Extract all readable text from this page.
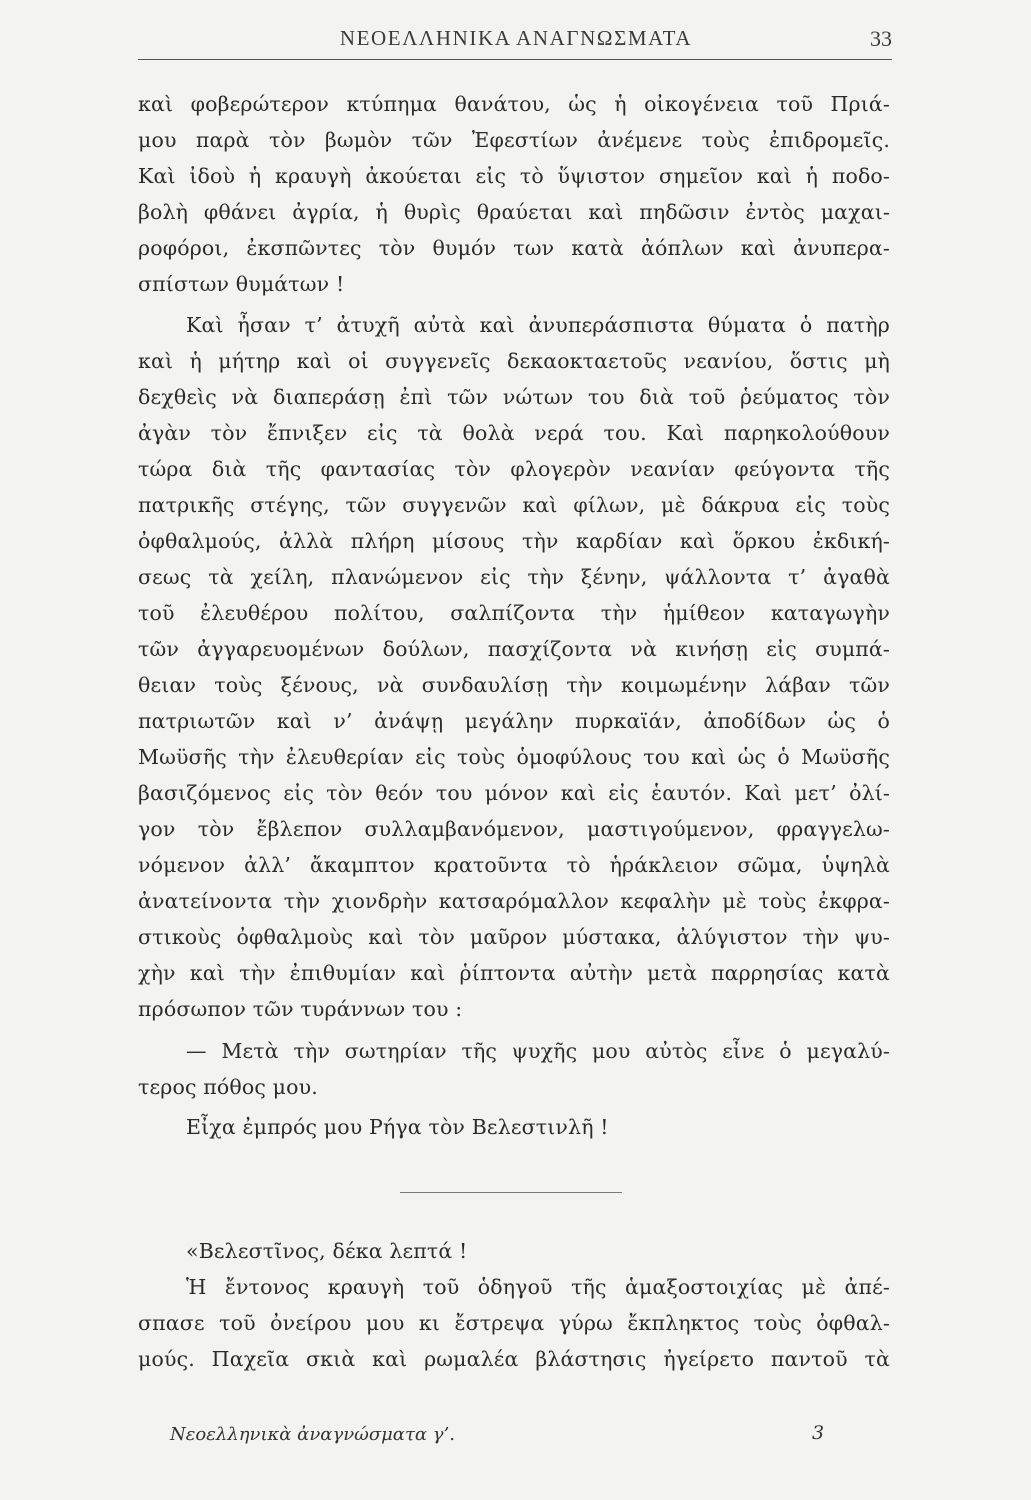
ΝΕΟΕΛΛΗΝΙΚΑ ΑΝΑΓΝΩΣΜΑΤΑ	33
καὶ φοβερώτερον κτύπημα θανάτου, ὡς ἡ οἰκογένεια τοῦ Πριά-
μου παρὰ τὸν βωμὸν τῶν Ἐφεστίων ἀνέμενε τοὺς ἐπιδρομεῖς.
Καὶ ἰδοὺ ἡ κραυγὴ ἀκούεται εἰς τὸ ὕψιστον σημεῖον καὶ ἡ ποδο-
βολὴ φθάνει ἀγρία, ἡ θυρὶς θραύεται καὶ πηδῶσιν ἐντὸς μαχαι-
ροφόροι, ἐκσπῶντες τὸν θυμόν των κατὰ ἀόπλων καὶ ἀνυπερα-
σπίστων θυμάτων !
Καὶ ἦσαν τ’ ἀτυχῆ αὐτὰ καὶ ἀνυπεράσπιστα θύματα ὁ πατὴρ
καὶ ἡ μήτηρ καὶ οἱ συγγενεῖς δεκαοκταετοῦς νεανίου, ὅστις μὴ
δεχθεὶς νὰ διαπεράσῃ ἐπὶ τῶν νώτων του διὰ τοῦ ῥεύματος τὸν
ἀγὰν τὸν ἔπνιξεν εἰς τὰ θολὰ νερά του. Καὶ παρηκολούθουν
τώρα διὰ τῆς φαντασίας τὸν φλογερὸν νεανίαν φεύγοντα τῆς
πατρικῆς στέγης, τῶν συγγενῶν καὶ φίλων, μὲ δάκρυα εἰς τοὺς
ὀφθαλμούς, ἀλλὰ πλήρη μίσους τὴν καρδίαν καὶ ὅρκου ἐκδική-
σεως τὰ χείλη, πλανώμενον εἰς τὴν ξένην, ψάλλοντα τ’ ἀγαθὰ
τοῦ ἐλευθέρου πολίτου, σαλπίζοντα τὴν ἡμίθεον καταγωγὴν
τῶν ἀγγαρευομένων δούλων, πασχίζοντα νὰ κινήσῃ εἰς συμπά-
θειαν τοὺς ξένους, νὰ συνδαυλίσῃ τὴν κοιμωμένην λάβαν τῶν
πατριωτῶν καὶ ν’ ἀνάψῃ μεγάλην πυρκαϊάν, ἀποδίδων ὡς ὁ
Μωϋσῆς τὴν ἐλευθερίαν εἰς τοὺς ὁμοφύλους του καὶ ὡς ὁ Μωϋσῆς
βασιζόμενος εἰς τὸν θεόν του μόνον καὶ εἰς ἑαυτόν. Καὶ μετ’ ὀλί-
γον τὸν ἔβλεπον συλλαμβανόμενον, μαστιγούμενον, φραγγελω-
νόμενον ἀλλ’ ἄκαμπτον κρατοῦντα τὸ ἡράκλειον σῶμα, ὑψηλὰ
ἀνατείνοντα τὴν χιονδρὴν κατσαρόμαλλον κεφαλὴν μὲ τοὺς ἐκφρα-
στικοὺς ὀφθαλμοὺς καὶ τὸν μαῦρον μύστακα, ἀλύγιστον τὴν ψυ-
χὴν καὶ τὴν ἐπιθυμίαν καὶ ῥίπτοντα αὐτὴν μετὰ παρρησίας κατὰ
πρόσωπον τῶν τυράννων του :
— Μετὰ τὴν σωτηρίαν τῆς ψυχῆς μου αὐτὸς εἶνε ὁ μεγαλύ-
τερος πόθος μου.
Εἶχα ἐμπρός μου Ρήγα τὸν Βελεστινλῆ !
«Βελεστῖνος, δέκα λεπτά !
Ἡ ἔντονος κραυγὴ τοῦ ὁδηγοῦ τῆς ἁμαξοστοιχίας μὲ ἀπέ-
σπασε τοῦ ὀνείρου μου κι ἔστρεψα γύρω ἔκπληκτος τοὺς ὀφθαλ-
μούς. Παχεῖα σκιὰ καὶ ρωμαλέα βλάστησις ἠγείρετο παντοῦ τὰ
Νεοελληνικὰ ἀναγνώσματα γ’.	3
